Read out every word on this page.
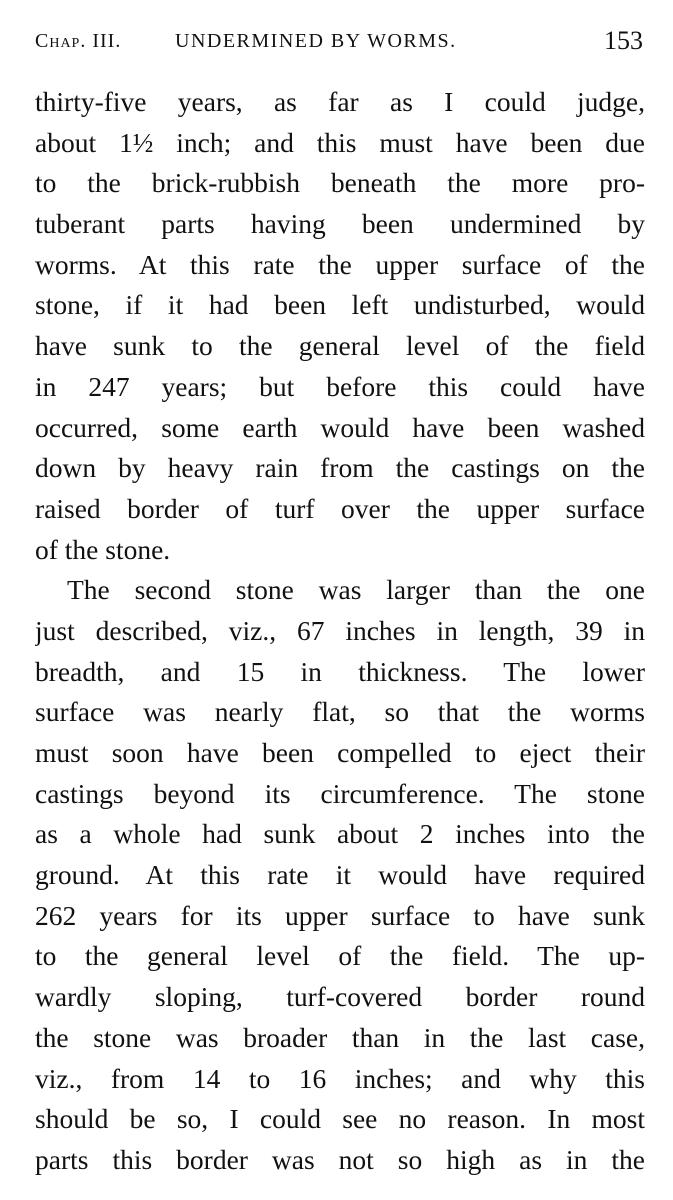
Chap. III.	UNDERMINED BY WORMS.	153
thirty-five years, as far as I could judge,
about 1½ inch; and this must have been due
to the brick-rubbish beneath the more pro-
tuberant parts having been undermined by
worms. At this rate the upper surface of the
stone, if it had been left undisturbed, would
have sunk to the general level of the field
in 247 years; but before this could have
occurred, some earth would have been washed
down by heavy rain from the castings on the
raised border of turf over the upper surface
of the stone.
The second stone was larger than the one
just described, viz., 67 inches in length, 39 in
breadth, and 15 in thickness. The lower
surface was nearly flat, so that the worms
must soon have been compelled to eject their
castings beyond its circumference. The stone
as a whole had sunk about 2 inches into the
ground. At this rate it would have required
262 years for its upper surface to have sunk
to the general level of the field. The up-
wardly sloping, turf-covered border round
the stone was broader than in the last case,
viz., from 14 to 16 inches; and why this
should be so, I could see no reason. In most
parts this border was not so high as in the
